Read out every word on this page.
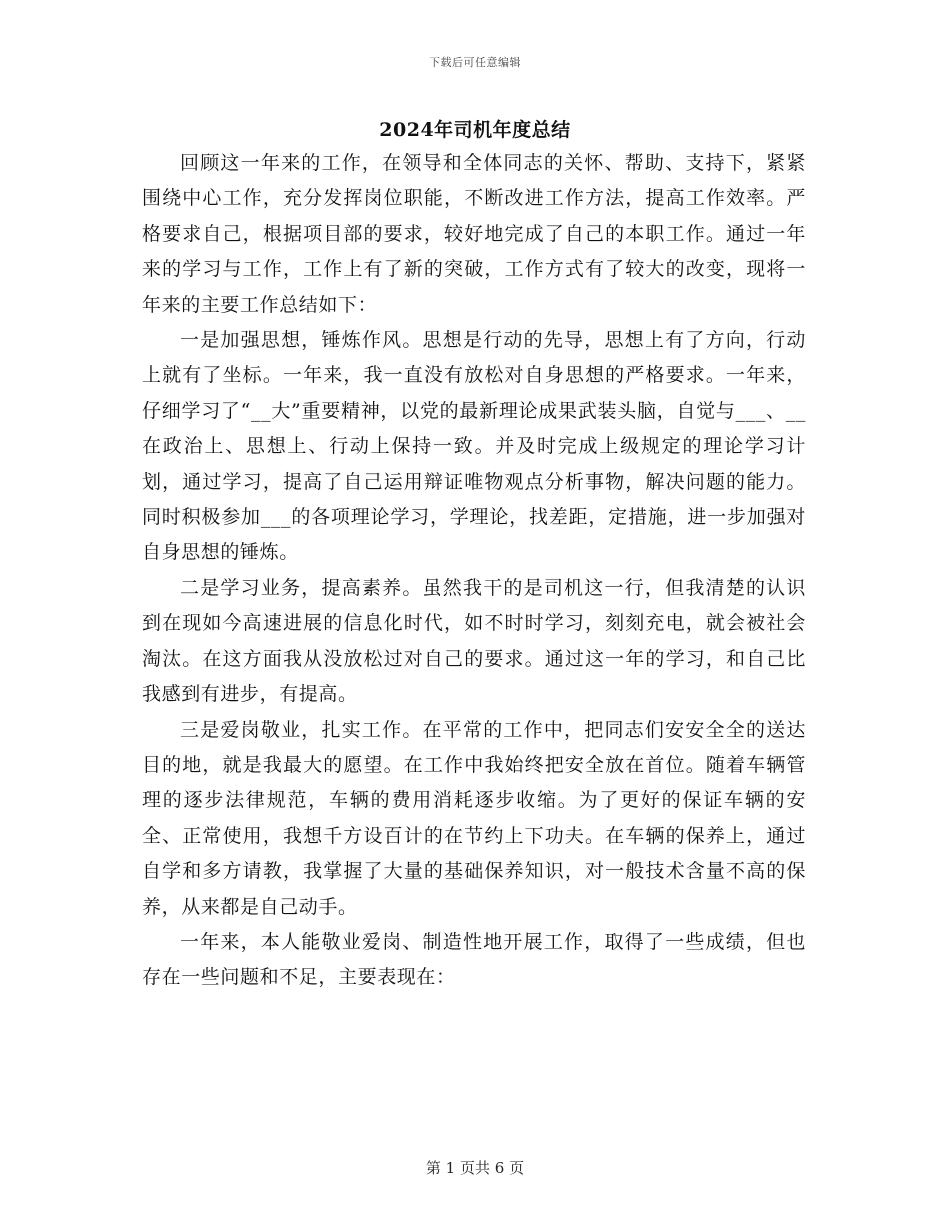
下载后可任意编辑
2024年司机年度总结

回顾这一年来的工作，在领导和全体同志的关怀、帮助、支持下，紧紧围绕中心工作，充分发挥岗位职能，不断改进工作方法，提高工作效率。严格要求自己，根据项目部的要求，较好地完成了自己的本职工作。通过一年来的学习与工作，工作上有了新的突破，工作方式有了较大的改变，现将一年来的主要工作总结如下：

一是加强思想，锤炼作风。思想是行动的先导，思想上有了方向，行动上就有了坐标。一年来，我一直没有放松对自身思想的严格要求。一年来，仔细学习了“__大”重要精神，以党的最新理论成果武装头脑，自觉与___、__在政治上、思想上、行动上保持一致。并及时完成上级规定的理论学习计划，通过学习，提高了自己运用辩证唯物观点分析事物，解决问题的能力。同时积极参加___的各项理论学习，学理论，找差距，定措施，进一步加强对自身思想的锤炼。

二是学习业务，提高素养。虽然我干的是司机这一行，但我清楚的认识到在现如今高速进展的信息化时代，如不时时学习，刻刻充电，就会被社会淘汰。在这方面我从没放松过对自己的要求。通过这一年的学习，和自己比我感到有进步，有提高。

三是爱岗敬业，扎实工作。在平常的工作中，把同志们安安全全的送达目的地，就是我最大的愿望。在工作中我始终把安全放在首位。随着车辆管理的逐步法律规范，车辆的费用消耗逐步收缩。为了更好的保证车辆的安全、正常使用，我想千方设百计的在节约上下功夫。在车辆的保养上，通过自学和多方请教，我掌握了大量的基础保养知识，对一般技术含量不高的保养，从来都是自己动手。

一年来，本人能敬业爱岗、制造性地开展工作，取得了一些成绩，但也存在一些问题和不足，主要表现在：

第 1 页共 6 页
